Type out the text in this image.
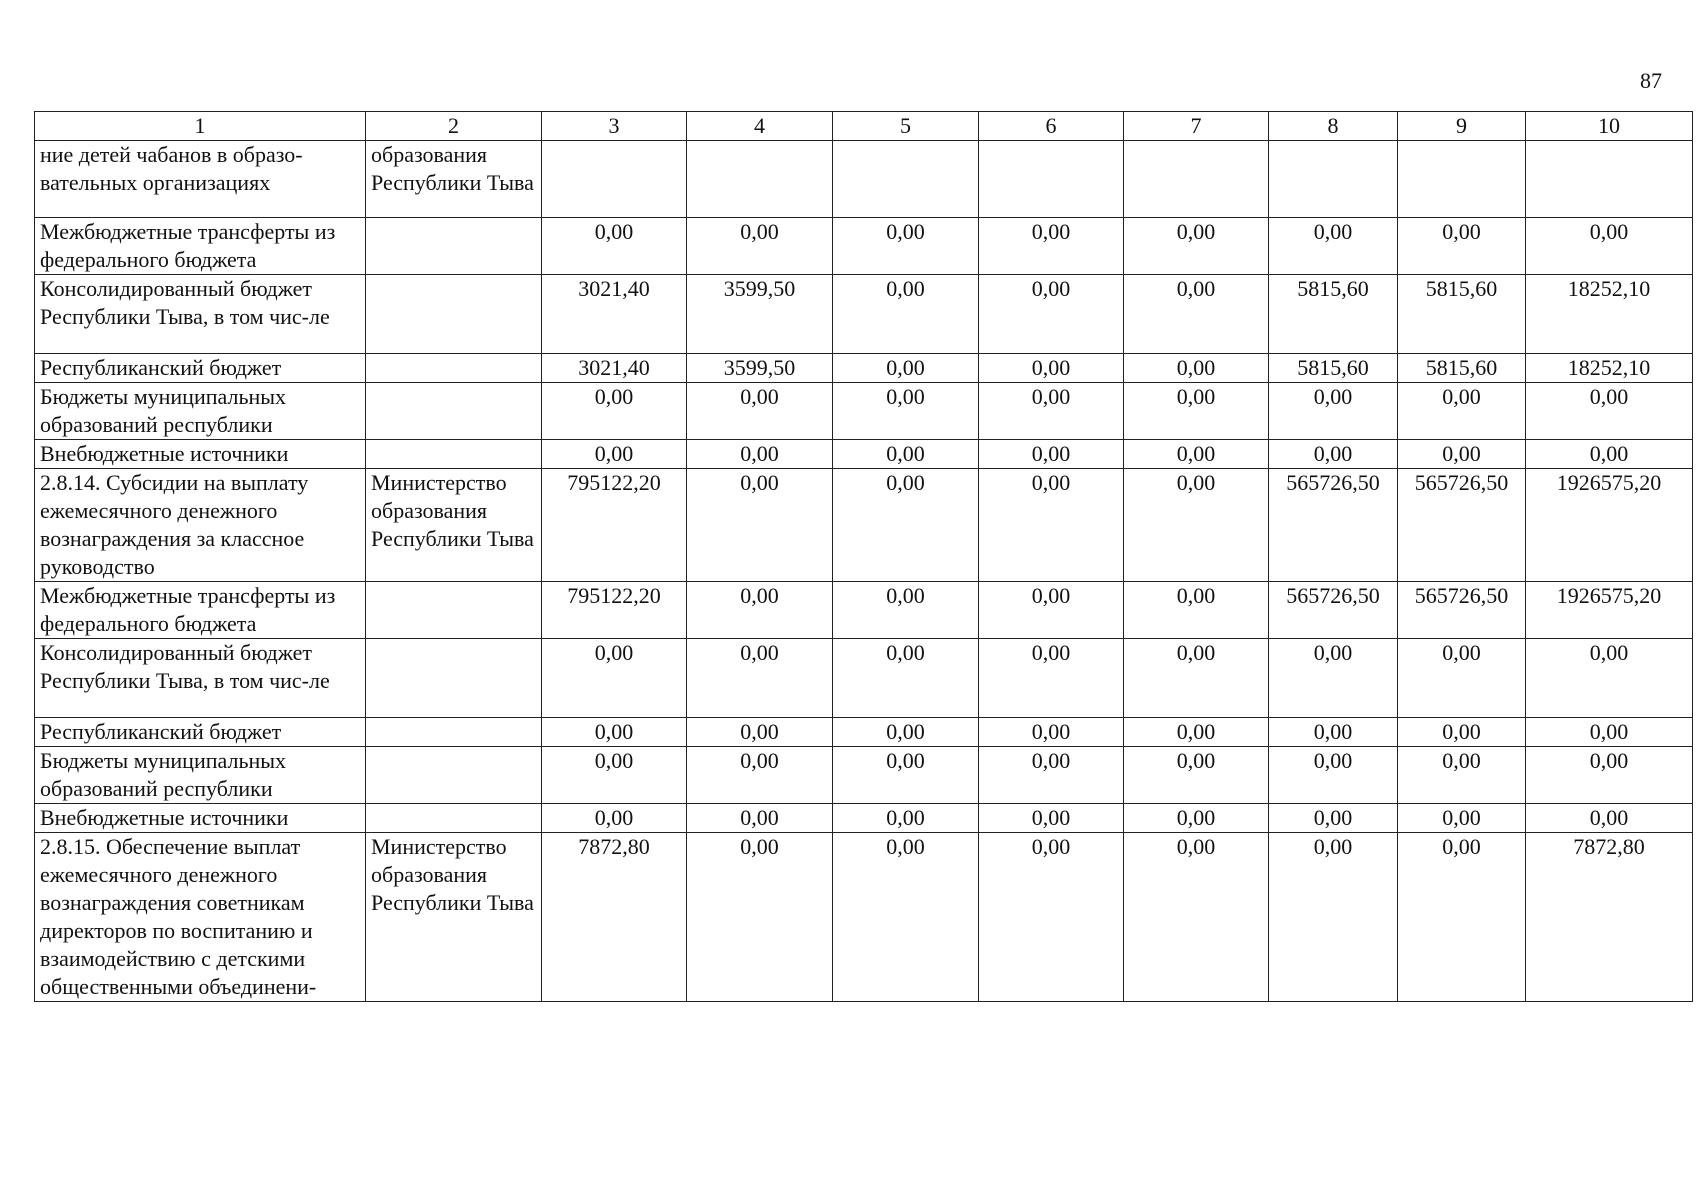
87
1	2	3	4	5	6	7	8	9	10
ние детей чабанов в образо-вательных организациях	образования Республики Тыва								
Межбюджетные трансферты из федерального бюджета		0,00	0,00	0,00	0,00	0,00	0,00	0,00	0,00
Консолидированный бюджет Республики Тыва, в том чис-ле		3021,40	3599,50	0,00	0,00	0,00	5815,60	5815,60	18252,10
Республиканский бюджет		3021,40	3599,50	0,00	0,00	0,00	5815,60	5815,60	18252,10
Бюджеты муниципальных образований республики		0,00	0,00	0,00	0,00	0,00	0,00	0,00	0,00
Внебюджетные источники		0,00	0,00	0,00	0,00	0,00	0,00	0,00	0,00
2.8.14. Субсидии на выплату ежемесячного денежного вознаграждения за классное руководство	Министерство образования Республики Тыва	795122,20	0,00	0,00	0,00	0,00	565726,50	565726,50	1926575,20
Межбюджетные трансферты из федерального бюджета		795122,20	0,00	0,00	0,00	0,00	565726,50	565726,50	1926575,20
Консолидированный бюджет Республики Тыва, в том чис-ле		0,00	0,00	0,00	0,00	0,00	0,00	0,00	0,00
Республиканский бюджет		0,00	0,00	0,00	0,00	0,00	0,00	0,00	0,00
Бюджеты муниципальных образований республики		0,00	0,00	0,00	0,00	0,00	0,00	0,00	0,00
Внебюджетные источники		0,00	0,00	0,00	0,00	0,00	0,00	0,00	0,00
2.8.15. Обеспечение выплат ежемесячного денежного вознаграждения советникам директоров по воспитанию и взаимодействию с детскими общественными объединени-	Министерство образования Республики Тыва	7872,80	0,00	0,00	0,00	0,00	0,00	0,00	7872,80
